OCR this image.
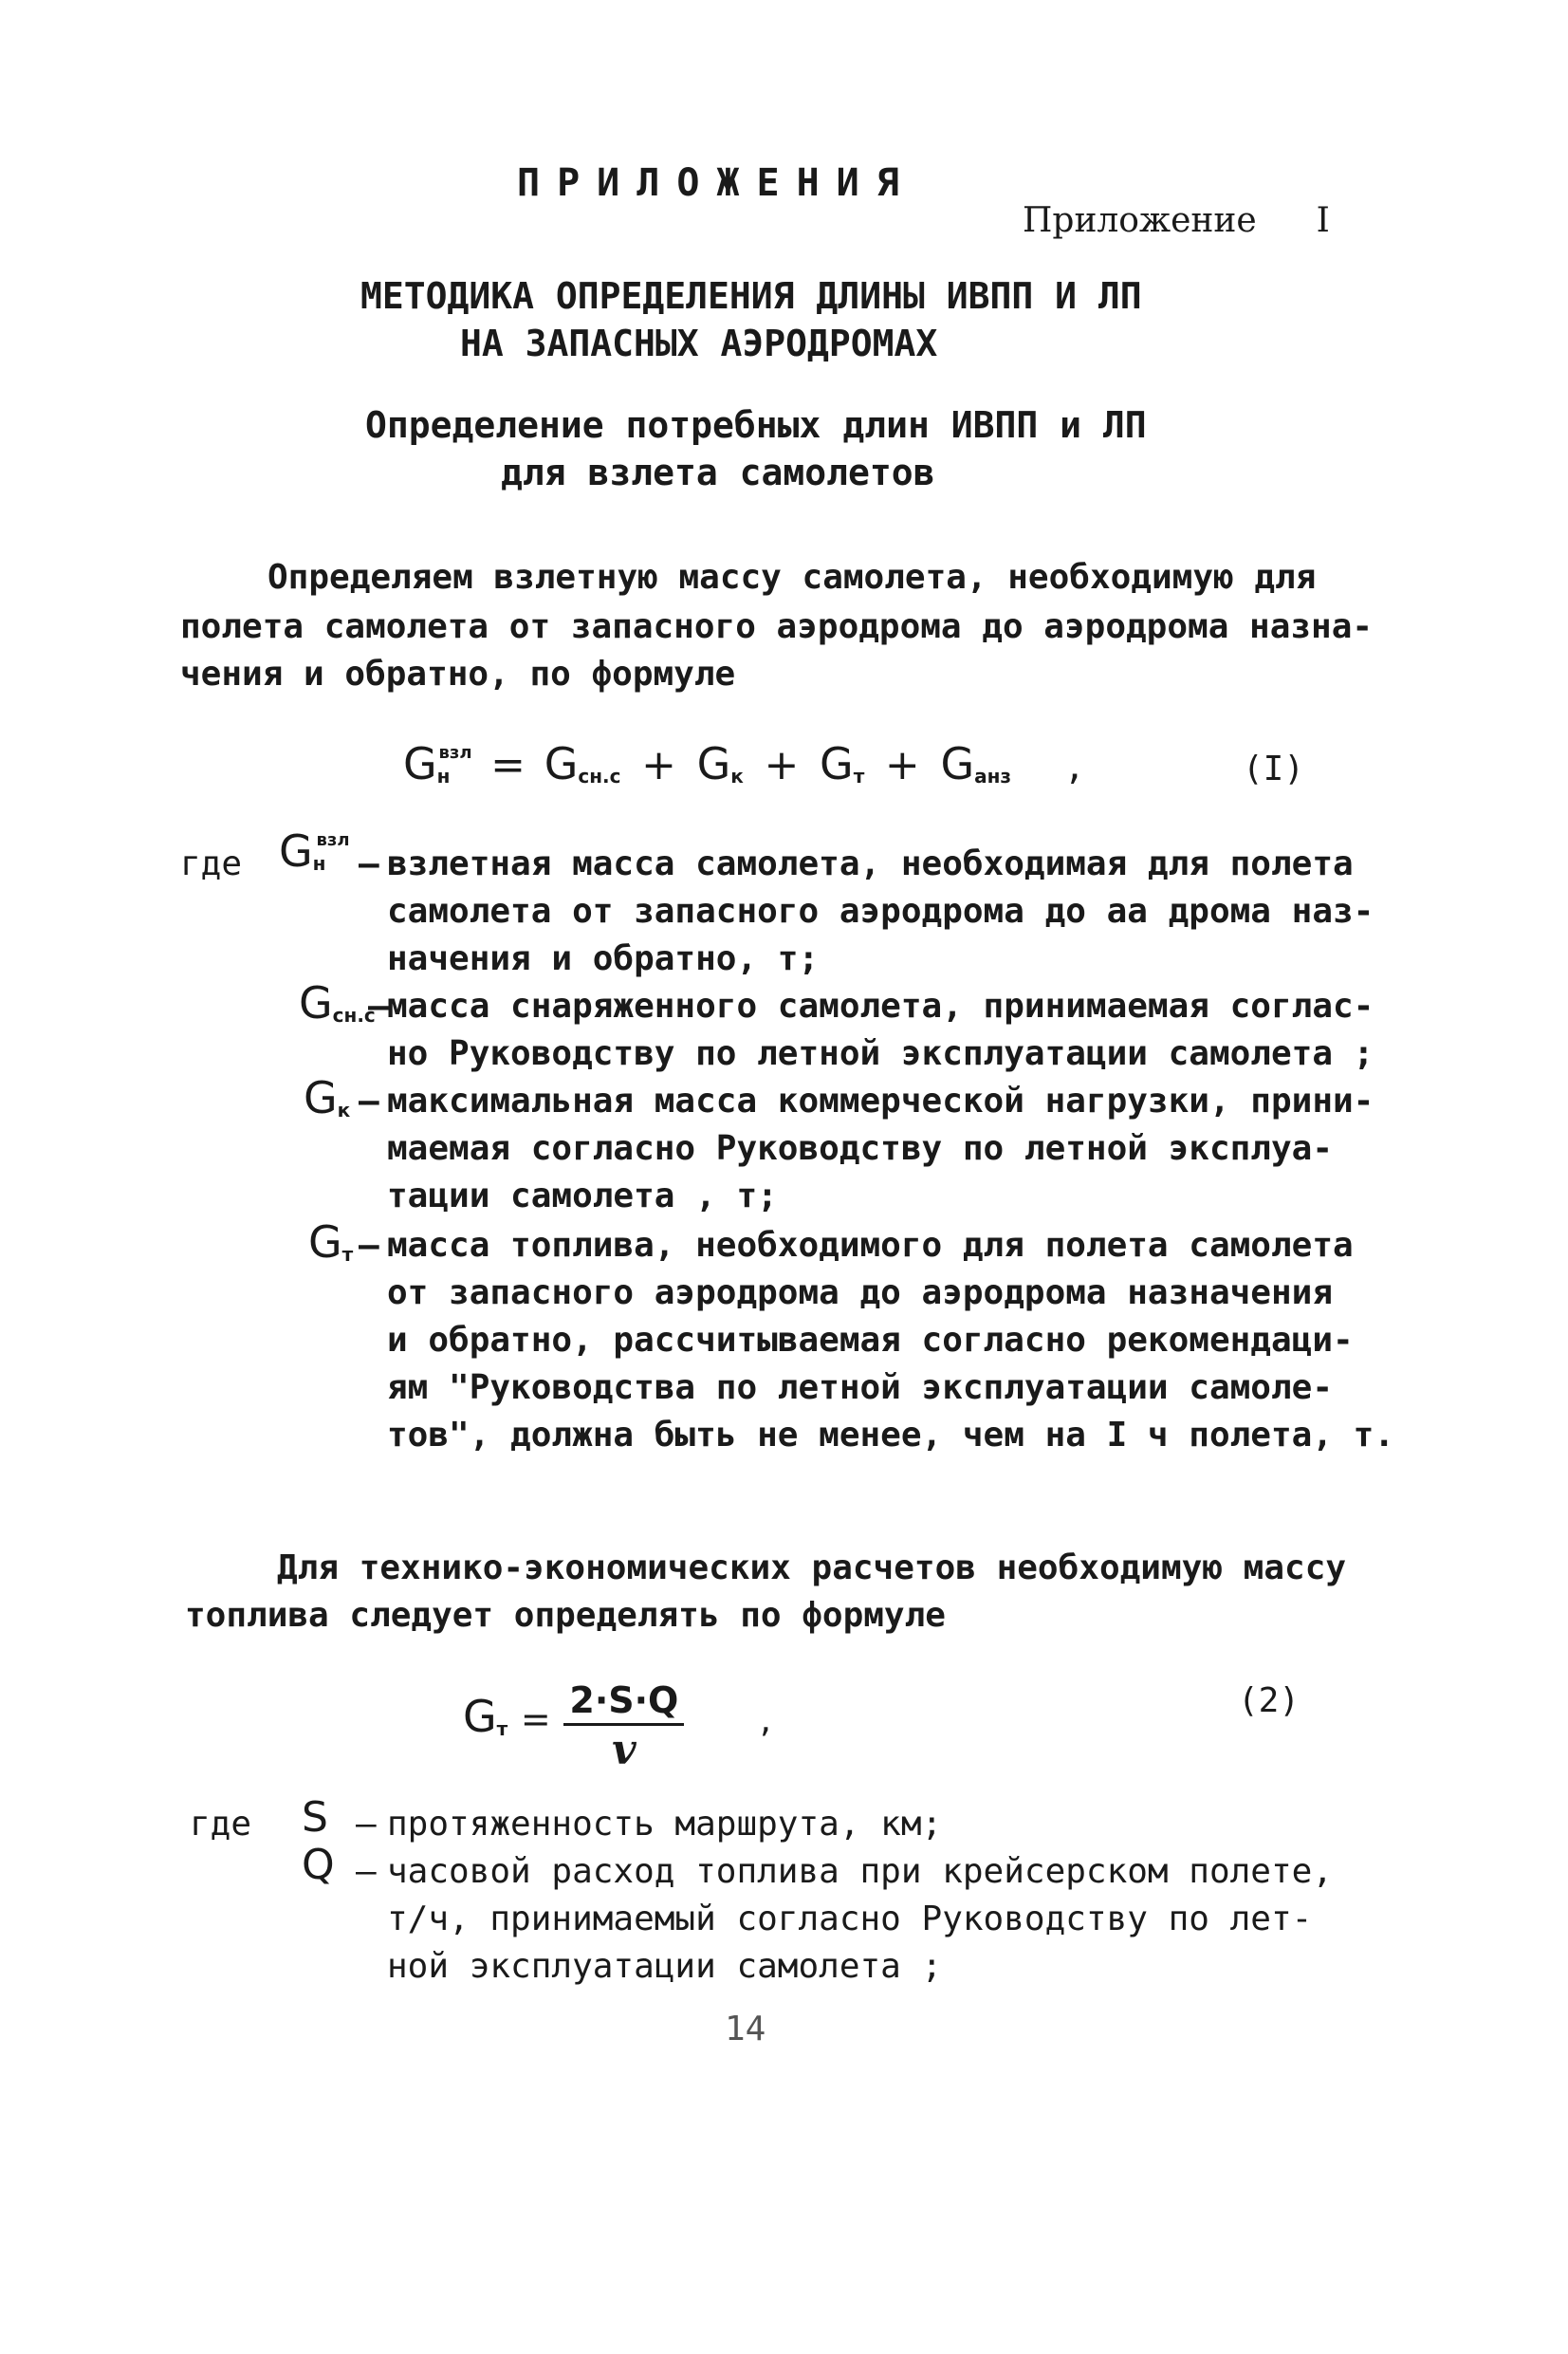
ПРИЛОЖЕНИЯ
Приложение I
МЕТОДИКА ОПРЕДЕЛЕНИЯ ДЛИНЫ ИВПП И ЛП
НА ЗАПАСНЫХ АЭРОДРОМАХ
Определение потребных длин ИВПП и ЛП
для взлета самолетов
Определяем взлетную массу самолета, необходимую для
полета самолета от запасного аэродрома до аэродрома назна-
чения и обратно, по формуле
$G_н^{взл} = G_{сн.с} + G_к + G_т + G_{анз}$ ,	(I)
где Gнвзл
– взлетная масса самолета, необходимая для полета
самолета от запасного аэродрома до аа дрома наз-
начения и обратно, т;
Gсн.с
–
масса снаряженного самолета, принимаемая соглас-
но Руководству по летной эксплуатации самолета ;
Gк – максимальная масса коммерческой нагрузки, прини-
маемая согласно Руководству по летной эксплуа-
тации самолета , т;
Gт – масса топлива, необходимого для полета самолета
от запасного аэродрома до аэродрома назначения
и обратно, рассчитываемая согласно рекомендаци-
ям "Руководства по летной эксплуатации самоле-
тов", должна быть не менее, чем на I ч полета, т.
Для технико-экономических расчетов необходимую массу
топлива следует определять по формуле
$G_т = \frac{2\cdot S\cdot Q}{v}$ ,	(2)
где S – протяженность маршрута, км;
Q – часовой расход топлива при крейсерском полете,
т/ч, принимаемый согласно Руководству по лет-
ной эксплуатации самолета ;
14
